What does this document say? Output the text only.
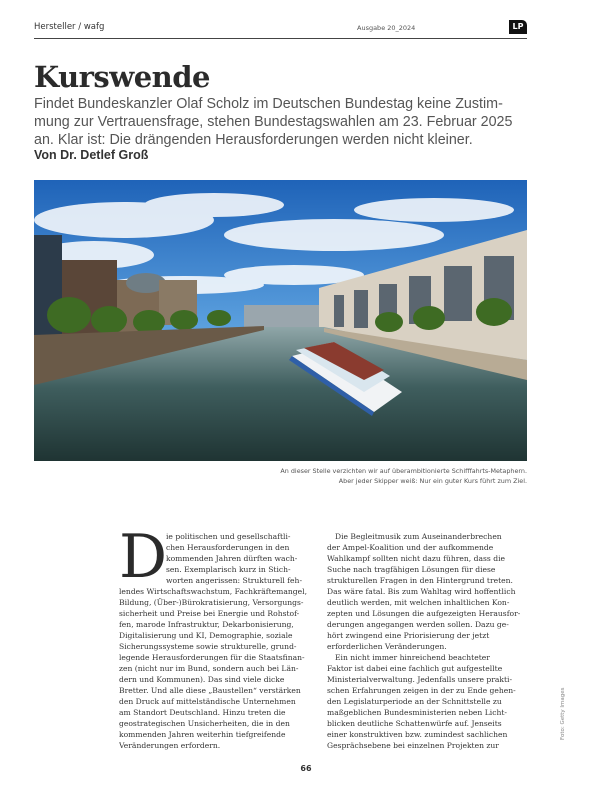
Hersteller / wafg	Ausgabe 20_2024	LP
Kurswende
Findet Bundeskanzler Olaf Scholz im Deutschen Bundestag keine Zustim-
mung zur Vertrauensfrage, stehen Bundestagswahlen am 23. Februar 2025
an. Klar ist: Die drängenden Herausforderungen werden nicht kleiner.
Von Dr. Detlef Groß
An dieser Stelle verzichten wir auf überambitionierte Schifffahrts-Metaphern.
Aber jeder Skipper weiß: Nur ein guter Kurs führt zum Ziel.
D
ie politischen und gesellschaftli-
chen Herausforderungen in den
kommenden Jahren dürften wach-
sen. Exemplarisch kurz in Stich-
worten angerissen: Strukturell feh-
lendes Wirtschaftswachstum, Fachkräftemangel,
Bildung, (Über-)Bürokratisierung, Versorgungs-
sicherheit und Preise bei Energie und Rohstof-
fen, marode Infrastruktur, Dekarbonisierung,
Digitalisierung und KI, Demographie, soziale
Sicherungssysteme sowie strukturelle, grund-
legende Herausforderungen für die Staatsfinan-
zen (nicht nur im Bund, sondern auch bei Län-
dern und Kommunen). Das sind viele dicke
Bretter. Und alle diese „Baustellen“ verstärken
den Druck auf mittelständische Unternehmen
am Standort Deutschland. Hinzu treten die
geostrategischen Unsicherheiten, die in den
kommenden Jahren weiterhin tiefgreifende
Veränderungen erfordern.
Die Begleitmusik zum Auseinanderbrechen
der Ampel-Koalition und der aufkommende
Wahlkampf sollten nicht dazu führen, dass die
Suche nach tragfähigen Lösungen für diese
strukturellen Fragen in den Hintergrund treten.
Das wäre fatal. Bis zum Wahltag wird hoffentlich
deutlich werden, mit welchen inhaltlichen Kon-
zepten und Lösungen die aufgezeigten Herausfor-
derungen angegangen werden sollen. Dazu ge-
hört zwingend eine Priorisierung der jetzt
erforderlichen Veränderungen.
Ein nicht immer hinreichend beachteter
Faktor ist dabei eine fachlich gut aufgestellte
Ministerialverwaltung. Jedenfalls unsere prakti-
schen Erfahrungen zeigen in der zu Ende gehen-
den Legislaturperiode an der Schnittstelle zu
maßgeblichen Bundesministerien neben Licht-
blicken deutliche Schattenwürfe auf. Jenseits
einer konstruktiven bzw. zumindest sachlichen
Gesprächsebene bei einzelnen Projekten zur
Foto: Getty Images
66
